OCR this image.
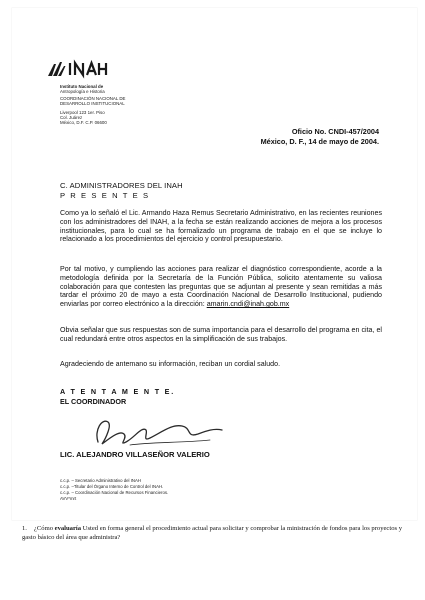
Instituto Nacional de
Antropología e Historia
COORDINACIÓN NACIONAL DE
DESARROLLO INSTITUCIONAL
Liverpool 123 1er. Piso
Col. Juárez
México, D.F. C.P. 06600
Oficio No. CNDI-457/2004
México, D. F., 14 de mayo de 2004.
C. ADMINISTRADORES DEL INAH
P R E S E N T E S
Como ya lo señaló el Lic. Armando Haza Remus Secretario Administrativo, en las recientes reuniones con los administradores del INAH, a la fecha se están realizando acciones de mejora a los procesos institucionales, para lo cual se ha formalizado un programa de trabajo en el que se incluye lo relacionado a los procedimientos del ejercicio y control presupuestario.
Por tal motivo, y cumpliendo las acciones para realizar el diagnóstico correspondiente, acorde a la metodología definida por la Secretaría de la Función Pública, solicito atentamente su valiosa colaboración para que contesten las preguntas que se adjuntan al presente y sean remitidas a más tardar el próximo 20 de mayo a esta Coordinación Nacional de Desarrollo Institucional, pudiendo enviarlas por correo electrónico a la dirección: amarin.cndi@inah.gob.mx
Obvia señalar que sus respuestas son de suma importancia para el desarrollo del programa en cita, el cual redundará entre otros aspectos en la simplificación de sus trabajos.
Agradeciendo de antemano su información, reciban un cordial saludo.
A T E N T A M E N T E.
EL COORDINADOR
LIC. ALEJANDRO VILLASEÑOR VALERIO
c.c.p. – Secretario Administrativo del INAH
c.c.p. –Titular del Órgano Interno de Control del INAH.
c.c.p. – Coordinación Nacional de Recursos Financieros.
AVV*mrt
1. ¿Cómo evaluaría Usted en forma general el procedimiento actual para solicitar y comprobar la ministración de fondos para los proyectos y gasto básico del área que administra?
